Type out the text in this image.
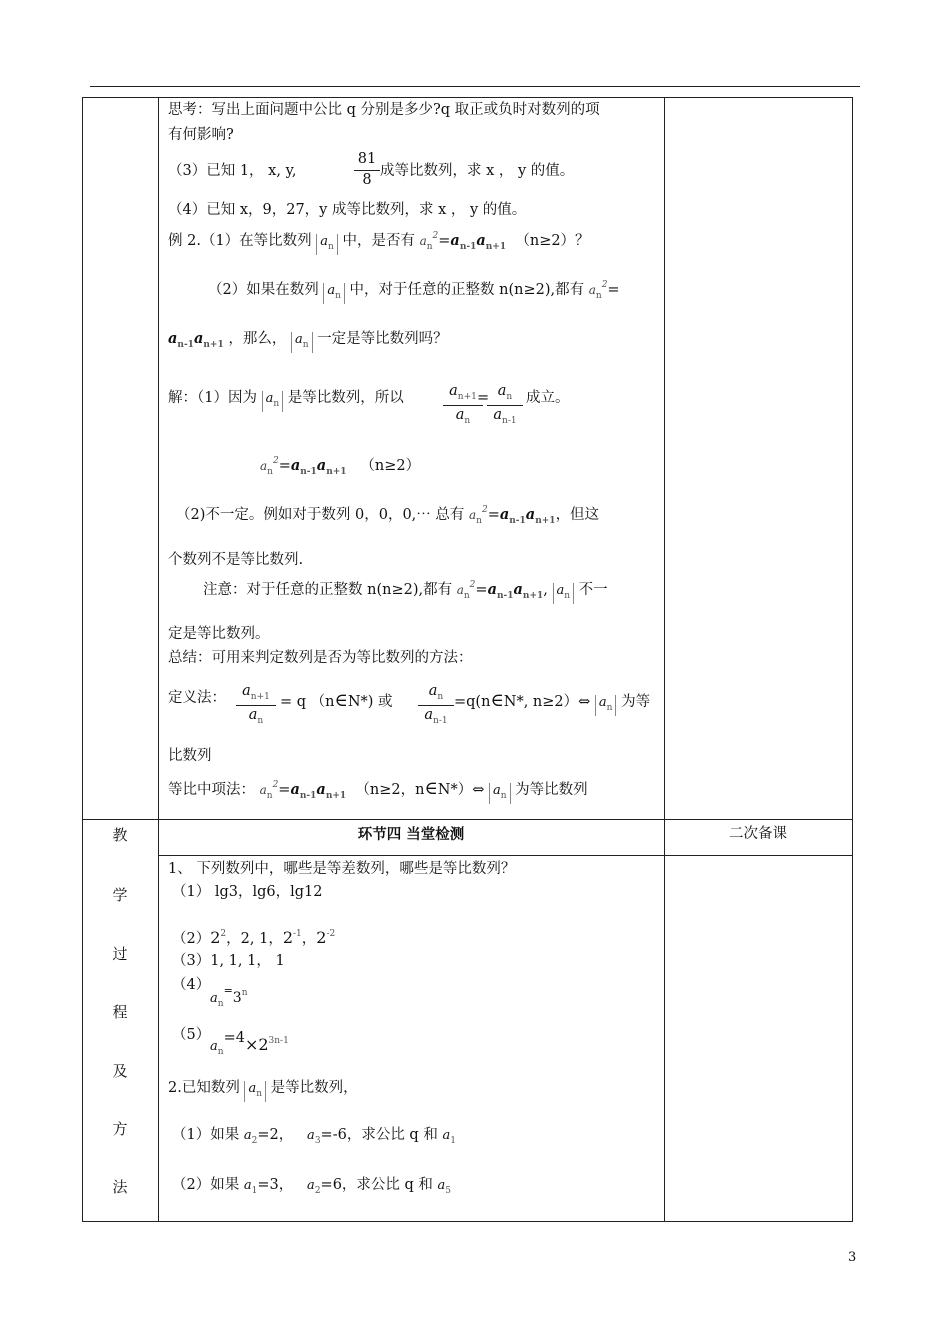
思考：写出上面问题中公比 q 分别是多少?q 取正或负时对数列的项
有何影响?
（3）已知 1， x, y,
81
8
成等比数列，求 x ， y 的值。
（4）已知 x，9，27，y 成等比数列，求 x ， y 的值。
例 2.（1）在等比数列 $a_n$ 中，是否有 $a_n^2=a_{n-1}a_{n+1}$ （n≥2）？
（2）如果在数列 $a_n$ 中，对于任意的正整数 n(n≥2),都有 $a_n^2=$
$a_{n-1}a_{n+1}$ ，那么， $a_n$ 一定是等比数列吗？
解：（1）因为 $a_n$ 是等比数列，所以	$a_{n+1}$
$a_n$
= $a_n$
$a_{n-1}$
成立。
$a_n^2=a_{n-1}a_{n+1}$ （n≥2）
（2)不一定。例如对于数列 0，0，0,⋯ 总有 $a_n^2=a_{n-1}a_{n+1}$，但这
个数列不是等比数列.
注意：对于任意的正整数 n(n≥2),都有 $a_n^2=a_{n-1}a_{n+1}$, $a_n$ 不一
定是等比数列。
总结：可用来判定数列是否为等比数列的方法：
定义法：	$a_{n+1}$
$a_n$
= q （n∈N*) 或
$a_n$
$a_{n-1}$
=q(n∈N*, n≥2）⇔ $a_n$ 为等
比数列
等比中项法： $a_n^2=a_{n-1}a_{n+1}$ （n≥2，n∈N*）⇔ $a_n$ 为等比数列
教
学
过
程
及
方
法
环节四 当堂检测	二次备课
1、 下列数列中，哪些是等差数列，哪些是等比数列？
（1） lg3，lg6，lg12
$(2)2^2$，2, 1，$2^{-1}$，$2^{-2}$
（3）1, 1, 1， 1
（4）
$a_n^=3^n$
（5）
$a_n=4\times 2^{3n-1}$
2.已知数列 $a_n$ 是等比数列，
（1）如果 $a_2=2$， $a_3=-6$，求公比 q 和 $a_1$
（2）如果 $a_1=3$， $a_2=6$，求公比 q 和 $a_5$
3
